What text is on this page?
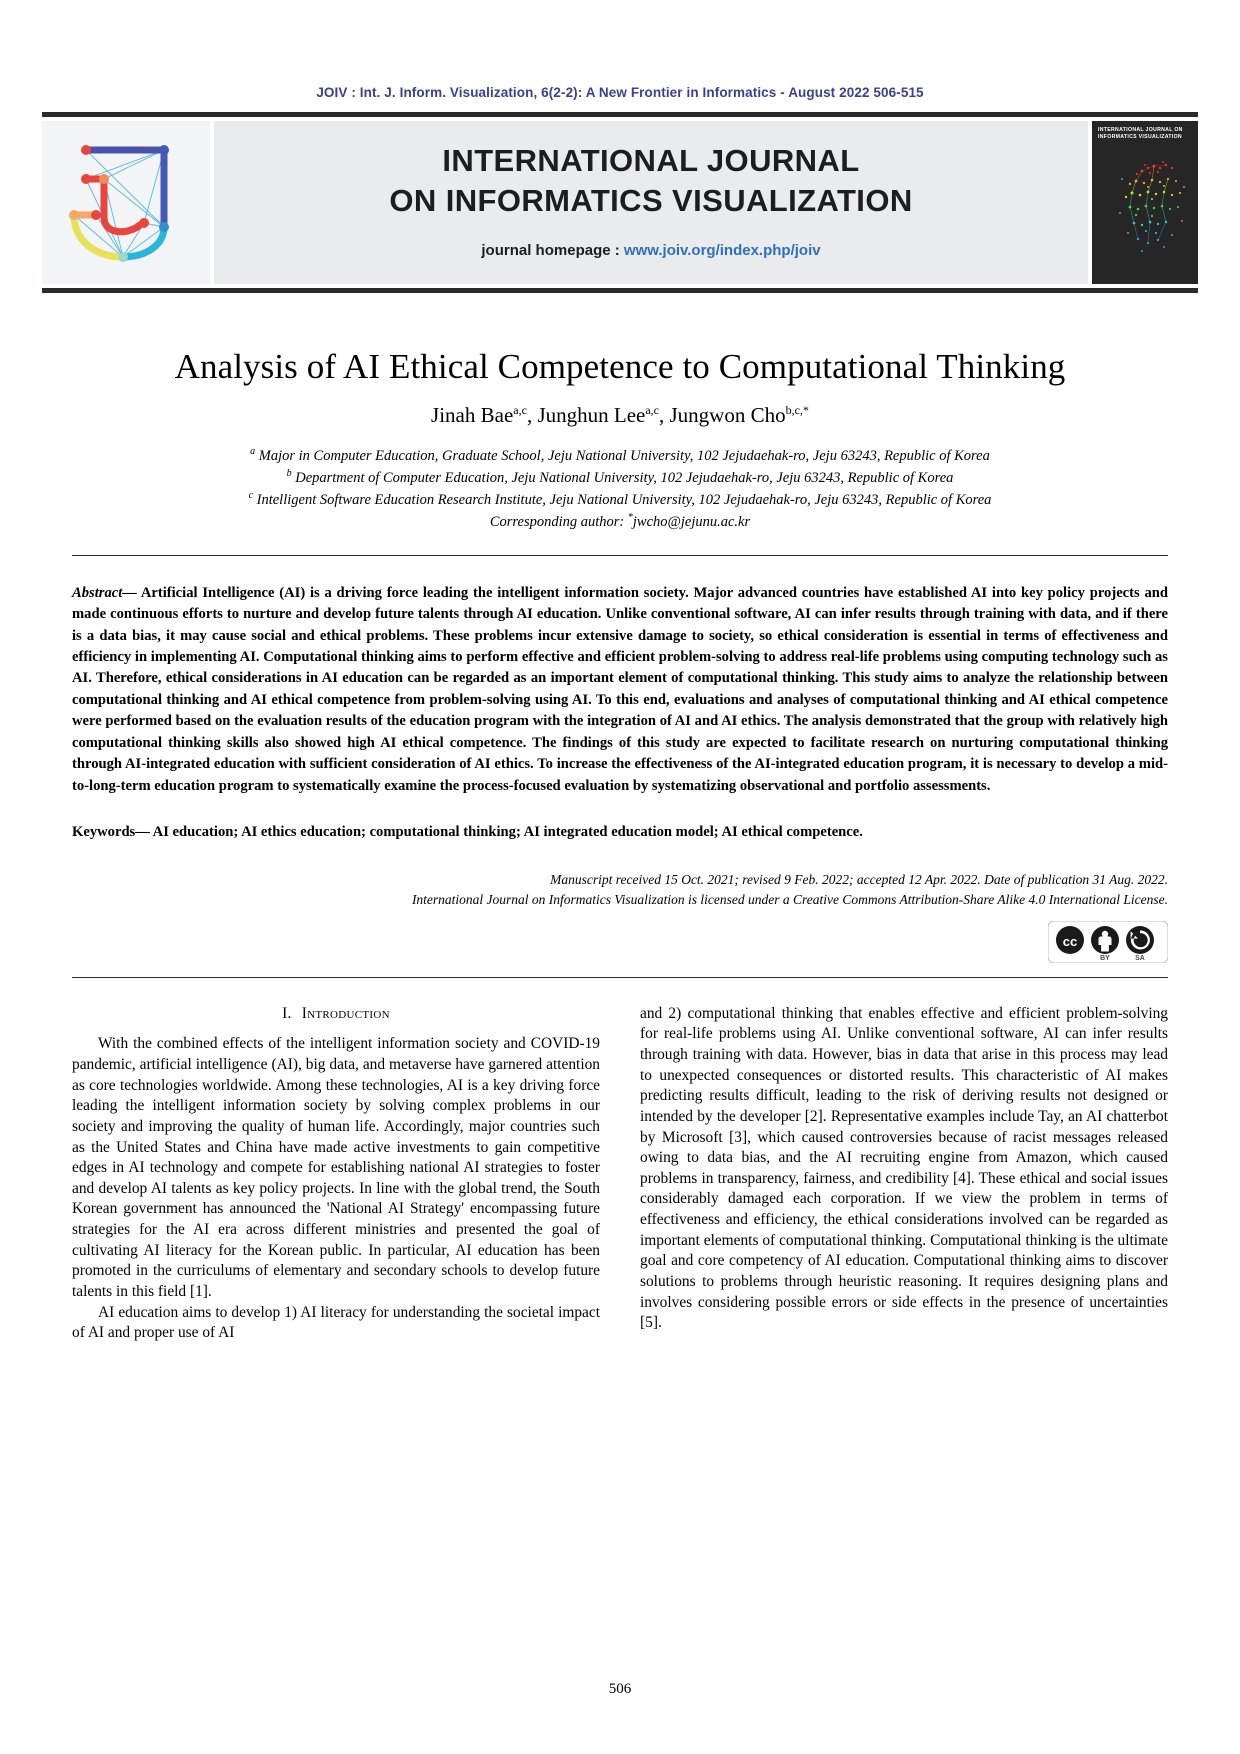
JOIV : Int. J. Inform. Visualization, 6(2-2): A New Frontier in Informatics - August 2022 506-515
INTERNATIONAL JOURNAL
ON INFORMATICS VISUALIZATION
journal homepage : www.joiv.org/index.php/joiv
INTERNATIONAL JOURNAL ON INFORMATICS VISUALIZATION
Analysis of AI Ethical Competence to Computational Thinking
Jinah Bae$^{a,c}$, Junghun Lee$^{a,c}$, Jungwon Cho$^{b,c,*}$
$^a$ Major in Computer Education, Graduate School, Jeju National University, 102 Jejudaehak-ro, Jeju 63243, Republic of Korea
$^b$ Department of Computer Education, Jeju National University, 102 Jejudaehak-ro, Jeju 63243, Republic of Korea
$^c$ Intelligent Software Education Research Institute, Jeju National University, 102 Jejudaehak-ro, Jeju 63243, Republic of Korea
Corresponding author: *jwcho@jejunu.ac.kr
Abstract— Artificial Intelligence (AI) is a driving force leading the intelligent information society. Major advanced countries have established AI into key policy projects and made continuous efforts to nurture and develop future talents through AI education. Unlike conventional software, AI can infer results through training with data, and if there is a data bias, it may cause social and ethical problems. These problems incur extensive damage to society, so ethical consideration is essential in terms of effectiveness and efficiency in implementing AI. Computational thinking aims to perform effective and efficient problem-solving to address real-life problems using computing technology such as AI. Therefore, ethical considerations in AI education can be regarded as an important element of computational thinking. This study aims to analyze the relationship between computational thinking and AI ethical competence from problem-solving using AI. To this end, evaluations and analyses of computational thinking and AI ethical competence were performed based on the evaluation results of the education program with the integration of AI and AI ethics. The analysis demonstrated that the group with relatively high computational thinking skills also showed high AI ethical competence. The findings of this study are expected to facilitate research on nurturing computational thinking through AI-integrated education with sufficient consideration of AI ethics. To increase the effectiveness of the AI-integrated education program, it is necessary to develop a mid-to-long-term education program to systematically examine the process-focused evaluation by systematizing observational and portfolio assessments.
Keywords— AI education; AI ethics education; computational thinking; AI integrated education model; AI ethical competence.
Manuscript received 15 Oct. 2021; revised 9 Feb. 2022; accepted 12 Apr. 2022. Date of publication 31 Aug. 2022.
International Journal on Informatics Visualization is licensed under a Creative Commons Attribution-Share Alike 4.0 International License.
cc
BY	SA
I. Introduction

With the combined effects of the intelligent information society and COVID-19 pandemic, artificial intelligence (AI), big data, and metaverse have garnered attention as core technologies worldwide. Among these technologies, AI is a key driving force leading the intelligent information society by solving complex problems in our society and improving the quality of human life. Accordingly, major countries such as the United States and China have made active investments to gain competitive edges in AI technology and compete for establishing national AI strategies to foster and develop AI talents as key policy projects. In line with the global trend, the South Korean government has announced the 'National AI Strategy' encompassing future strategies for the AI era across different ministries and presented the goal of cultivating AI literacy for the Korean public. In particular, AI education has been promoted in the curriculums of elementary and secondary schools to develop future talents in this field [1].

AI education aims to develop 1) AI literacy for understanding the societal impact of AI and proper use of AI

and 2) computational thinking that enables effective and efficient problem-solving for real-life problems using AI. Unlike conventional software, AI can infer results through training with data. However, bias in data that arise in this process may lead to unexpected consequences or distorted results. This characteristic of AI makes predicting results difficult, leading to the risk of deriving results not designed or intended by the developer [2]. Representative examples include Tay, an AI chatterbot by Microsoft [3], which caused controversies because of racist messages released owing to data bias, and the AI recruiting engine from Amazon, which caused problems in transparency, fairness, and credibility [4]. These ethical and social issues considerably damaged each corporation. If we view the problem in terms of effectiveness and efficiency, the ethical considerations involved can be regarded as important elements of computational thinking. Computational thinking is the ultimate goal and core competency of AI education. Computational thinking aims to discover solutions to problems through heuristic reasoning. It requires designing plans and involves considering possible errors or side effects in the presence of uncertainties [5].

506
